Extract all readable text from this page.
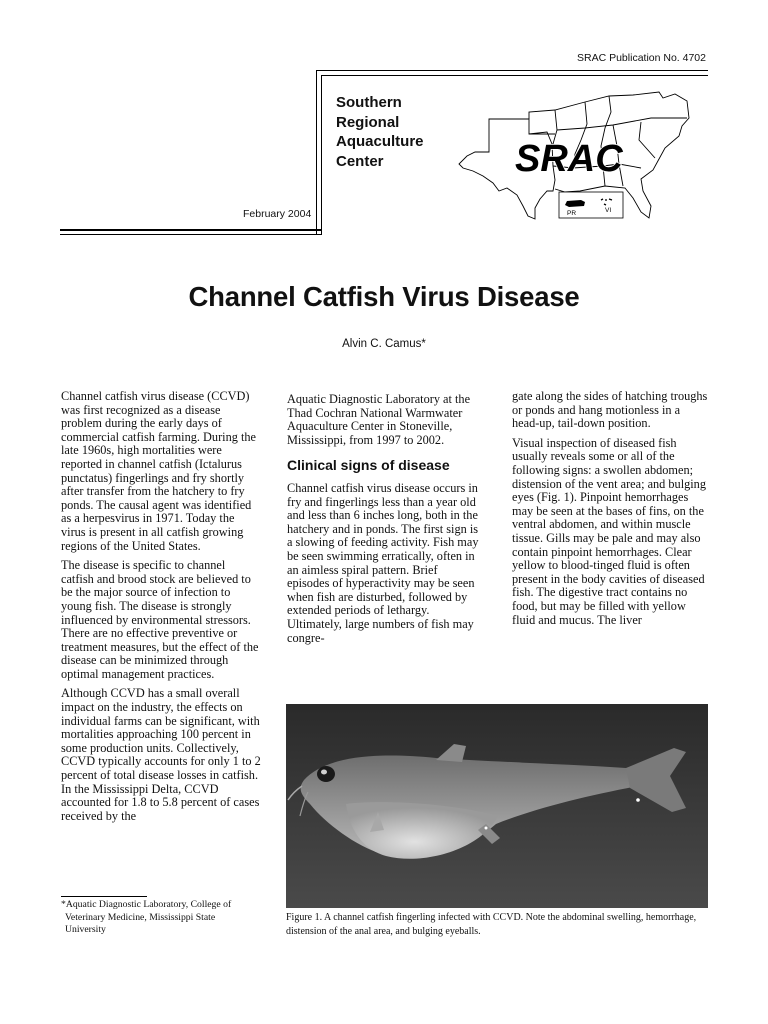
SRAC Publication No. 4702
Southern
Regional
Aquaculture
Center	SRAC
PR	VI
February 2004
Channel Catfish Virus Disease
Alvin C. Camus*

Channel catfish virus disease (CCVD) was first recognized as a disease problem during the early days of commercial catfish farming. During the late 1960s, high mortalities were reported in channel catfish (Ictalurus punctatus) fingerlings and fry shortly after transfer from the hatchery to fry ponds. The causal agent was identified as a herpesvirus in 1971. Today the virus is present in all catfish growing regions of the United States.

The disease is specific to channel catfish and brood stock are believed to be the major source of infection to young fish. The disease is strongly influenced by environmental stressors. There are no effective preventive or treatment measures, but the effect of the disease can be minimized through optimal management practices.

Although CCVD has a small overall impact on the industry, the effects on individual farms can be significant, with mortalities approaching 100 percent in some production units. Collectively, CCVD typically accounts for only 1 to 2 percent of total disease losses in catfish. In the Mississippi Delta, CCVD accounted for 1.8 to 5.8 percent of cases received by the

Aquatic Diagnostic Laboratory at the Thad Cochran National Warmwater Aquaculture Center in Stoneville, Mississippi, from 1997 to 2002.

Clinical signs of disease

Channel catfish virus disease occurs in fry and fingerlings less than a year old and less than 6 inches long, both in the hatchery and in ponds. The first sign is a slowing of feeding activity. Fish may be seen swimming erratically, often in an aimless spiral pattern. Brief episodes of hyperactivity may be seen when fish are disturbed, followed by extended periods of lethargy. Ultimately, large numbers of fish may congre-

gate along the sides of hatching troughs or ponds and hang motionless in a head-up, tail-down position.

Visual inspection of diseased fish usually reveals some or all of the following signs: a swollen abdomen; distension of the vent area; and bulging eyes (Fig. 1). Pinpoint hemorrhages may be seen at the bases of fins, on the ventral abdomen, and within muscle tissue. Gills may be pale and may also contain pinpoint hemorrhages. Clear yellow to blood-tinged fluid is often present in the body cavities of diseased fish. The digestive tract contains no food, but may be filled with yellow fluid and mucus. The liver

*Aquatic Diagnostic Laboratory, College of
Veterinary Medicine, Mississippi State
University
Figure 1. A channel catfish fingerling infected with CCVD. Note the abdominal swelling, hemorrhage, distension of the anal area, and bulging eyeballs.
